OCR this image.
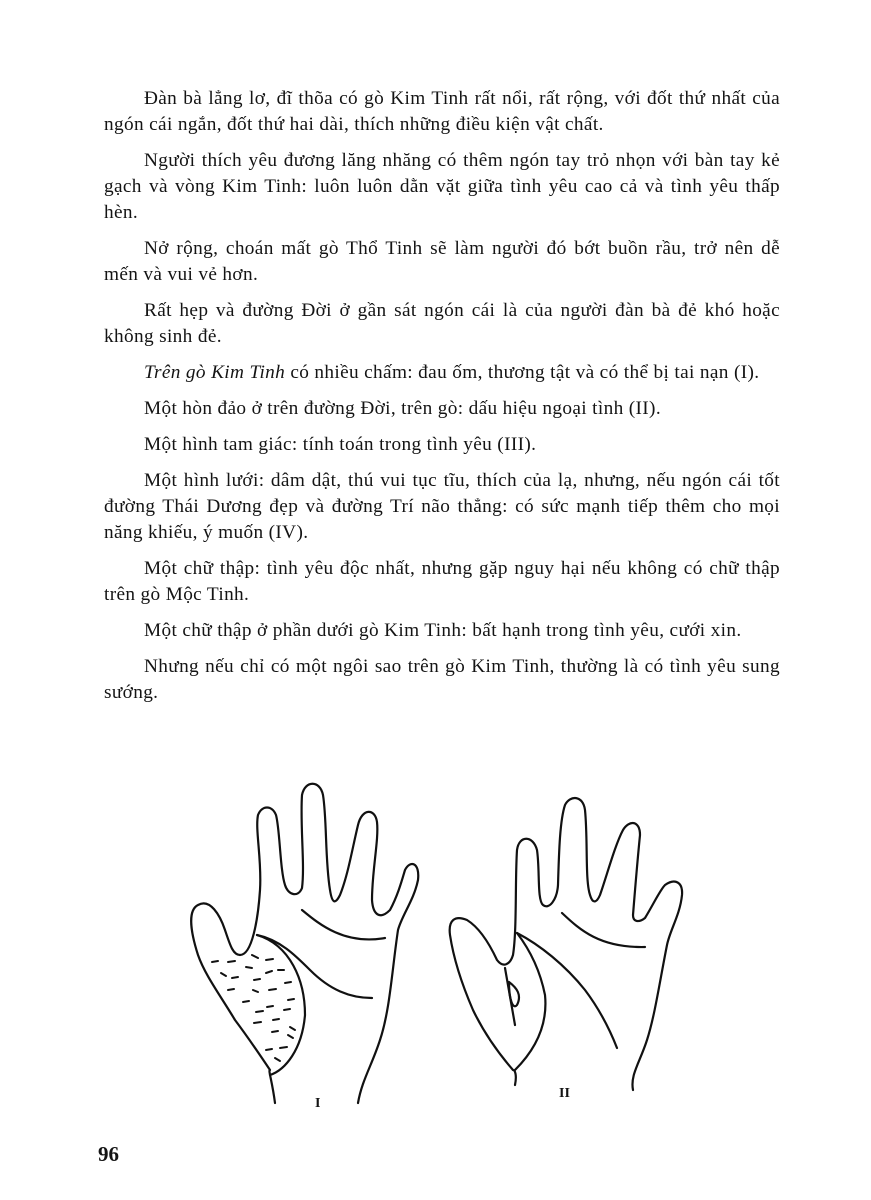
Đàn bà lẳng lơ, đĩ thõa có gò Kim Tinh rất nổi, rất rộng, với đốt thứ nhất của ngón cái ngắn, đốt thứ hai dài, thích những điều kiện vật chất.

Người thích yêu đương lăng nhăng có thêm ngón tay trỏ nhọn với bàn tay kẻ gạch và vòng Kim Tinh: luôn luôn dằn vặt giữa tình yêu cao cả và tình yêu thấp hèn.

Nở rộng, choán mất gò Thổ Tinh sẽ làm người đó bớt buồn rầu, trở nên dễ mến và vui vẻ hơn.

Rất hẹp và đường Đời ở gần sát ngón cái là của người đàn bà đẻ khó hoặc không sinh đẻ.

Trên gò Kim Tinh có nhiều chấm: đau ốm, thương tật và có thể bị tai nạn (I).

Một hòn đảo ở trên đường Đời, trên gò: dấu hiệu ngoại tình (II).

Một hình tam giác: tính toán trong tình yêu (III).

Một hình lưới: dâm dật, thú vui tục tĩu, thích của lạ, nhưng, nếu ngón cái tốt đường Thái Dương đẹp và đường Trí não thẳng: có sức mạnh tiếp thêm cho mọi năng khiếu, ý muốn (IV).

Một chữ thập: tình yêu độc nhất, nhưng gặp nguy hại nếu không có chữ thập trên gò Mộc Tinh.

Một chữ thập ở phần dưới gò Kim Tinh: bất hạnh trong tình yêu, cưới xin.

Nhưng nếu chỉ có một ngôi sao trên gò Kim Tinh, thường là có tình yêu sung sướng.

I
II
96
